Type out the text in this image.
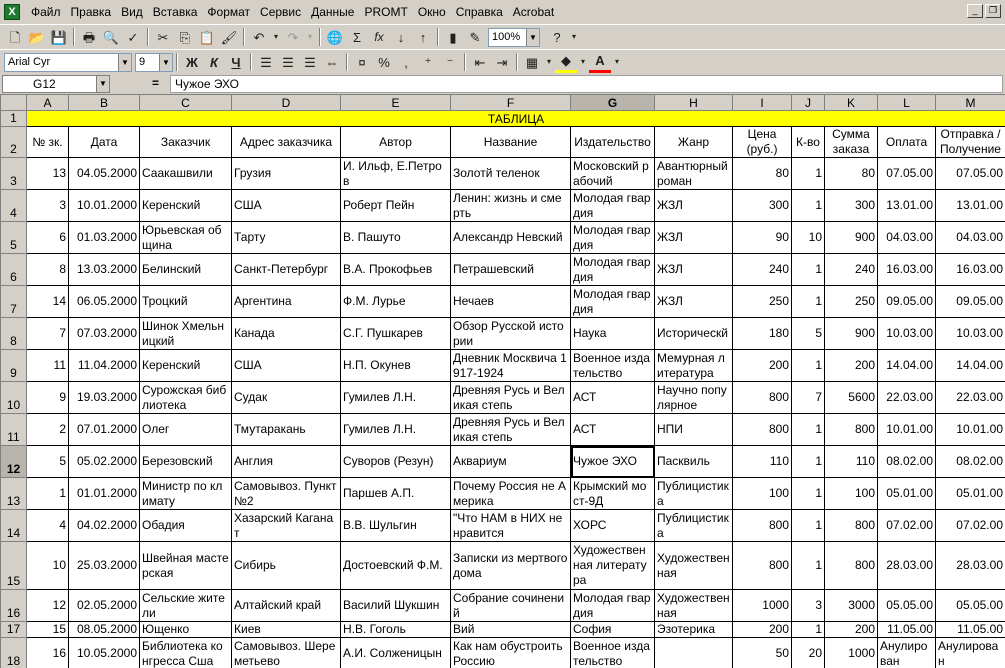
X	Файл Правка Вид Вставка Формат Сервис Данные PROMT Окно Справка Acrobat	_	❐
🗋 📂 💾	🖶 🔍 ✓	✂ ⎘ 📋 🖌	↶	▾ ↷	▾	🌐 Σ	fx	↓	↑	▮ ✎	100%	▼	?	▾
Arial Cyr	▼ 9	▼	Ж К	Ч	☰ ☰ ☰ ⇔	¤ %	,	⁺	⁻	⇤ ⇥	▦	▾ ◆	▾ A	▾
G12	▼	=	Чужое ЭХО
	A	B	C	D	E	F	G	H	I	J	K	L	M
1	ТАБЛИЦА												
2	№ зк.	Дата	Заказчик	Адрес заказчика	Автор	Название	Издательство	Жанр	Цена (руб.)	К-во	Сумма заказа	Оплата	Отправка / Получение
3	13	04.05.2000	Саакашвили	Грузия	И. Ильф, Е.Петров	Золотй теленок	Московский рабочий	Авантюрный роман	80	1	80	07.05.00	07.05.00
4	3	10.01.2000	Керенский	США	Роберт Пейн	Ленин: жизнь и смерть	Молодая гвардия	ЖЗЛ	300	1	300	13.01.00	13.01.00
5	6	01.03.2000	Юрьевская община	Тарту	В. Пашуто	Александр Невский	Молодая гвардия	ЖЗЛ	90	10	900	04.03.00	04.03.00
6	8	13.03.2000	Белинский	Санкт-Петербург	В.А. Прокофьев	Петрашевский	Молодая гвардия	ЖЗЛ	240	1	240	16.03.00	16.03.00
7	14	06.05.2000	Троцкий	Аргентина	Ф.М. Лурье	Нечаев	Молодая гвардия	ЖЗЛ	250	1	250	09.05.00	09.05.00
8	7	07.03.2000	Шинок Хмельницкий	Канада	С.Г. Пушкарев	Обзор Русской истории	Наука	Историческй	180	5	900	10.03.00	10.03.00
9	11	11.04.2000	Керенский	США	Н.П. Окунев	Дневник Москвича 1917-1924	Военное издательство	Мемурная литература	200	1	200	14.04.00	14.04.00
10	9	19.03.2000	Сурожская библиотека	Судак	Гумилев Л.Н.	Древняя Русь и Великая степь	АСТ	Научно популярное	800	7	5600	22.03.00	22.03.00
11	2	07.01.2000	Олег	Тмутаракань	Гумилев Л.Н.	Древняя Русь и Великая степь	АСТ	НПИ	800	1	800	10.01.00	10.01.00
12	5	05.02.2000	Березовский	Англия	Суворов (Резун)	Аквариум	Чужое ЭХО	Пасквиль	110	1	110	08.02.00	08.02.00
13	1	01.01.2000	Министр по климату	Самовывоз. Пункт №2	Паршев А.П.	Почему Россия не Америка	Крымский мост-9Д	Публицистика	100	1	100	05.01.00	05.01.00
14	4	04.02.2000	Обадия	Хазарский Каганат	В.В. Шульгин	"Что НАМ в НИХ не нравится	ХОРС	Публицистика	800	1	800	07.02.00	07.02.00
15	10	25.03.2000	Швейная мастерская	Сибирь	Достоевский Ф.М.	Записки из мертвого дома	Художественная литература	Художественная	800	1	800	28.03.00	28.03.00
16	12	02.05.2000	Сельские жители	Алтайский край	Василий Шукшин	Собрание сочинений	Молодая гвардия	Художественная	1000	3	3000	05.05.00	05.05.00
17	15	08.05.2000	Ющенко	Киев	Н.В. Гоголь	Вий	София	Эзотерика	200	1	200	11.05.00	11.05.00
18	16	10.05.2000	Библиотека конгресса Сша	Самовывоз. Шереметьево	А.И. Солженицын	Как нам обустроить Россию	Военное издательство		50	20	1000	Анулирован	Анулирован
